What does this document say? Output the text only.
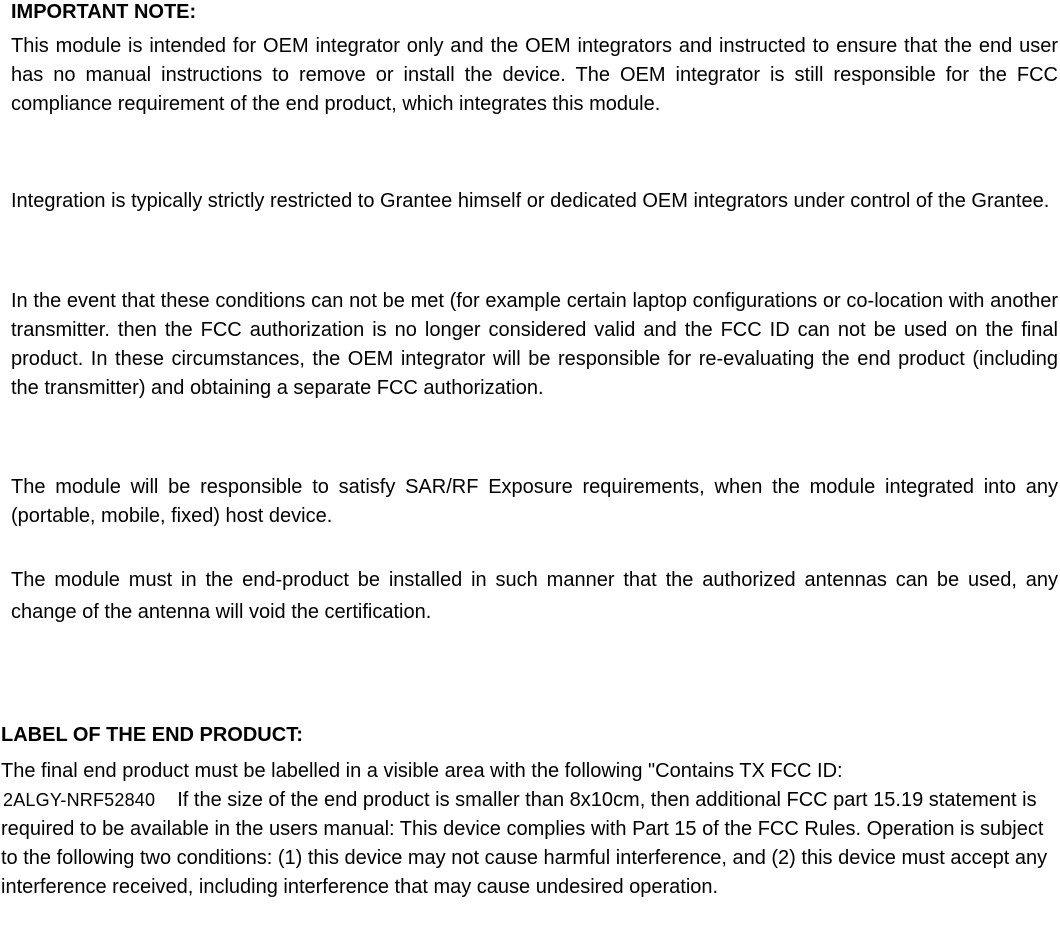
IMPORTANT NOTE:

This module is intended for OEM integrator only and the OEM integrators and instructed to ensure that the end user has no manual instructions to remove or install the device. The OEM integrator is still responsible for the FCC compliance requirement of the end product, which integrates this module.

Integration is typically strictly restricted to Grantee himself or dedicated OEM integrators under control of the Grantee.

In the event that these conditions can not be met (for example certain laptop configurations or co-location with another transmitter. then the FCC authorization is no longer considered valid and the FCC ID can not be used on the final product. In these circumstances, the OEM integrator will be responsible for re-evaluating the end product (including the transmitter) and obtaining a separate FCC authorization.

The module will be responsible to satisfy SAR/RF Exposure requirements, when the module integrated into any (portable, mobile, fixed) host device.

The module must in the end-product be installed in such manner that the authorized antennas can be used, any change of the antenna will void the certification.

LABEL OF THE END PRODUCT:

The final end product must be labelled in a visible area with the following "Contains TX FCC ID:
2ALGY-NRF52840 If the size of the end product is smaller than 8x10cm, then additional FCC part 15.19 statement is required to be available in the users manual: This device complies with Part 15 of the FCC Rules. Operation is subject to the following two conditions: (1) this device may not cause harmful interference, and (2) this device must accept any interference received, including interference that may cause undesired operation.
